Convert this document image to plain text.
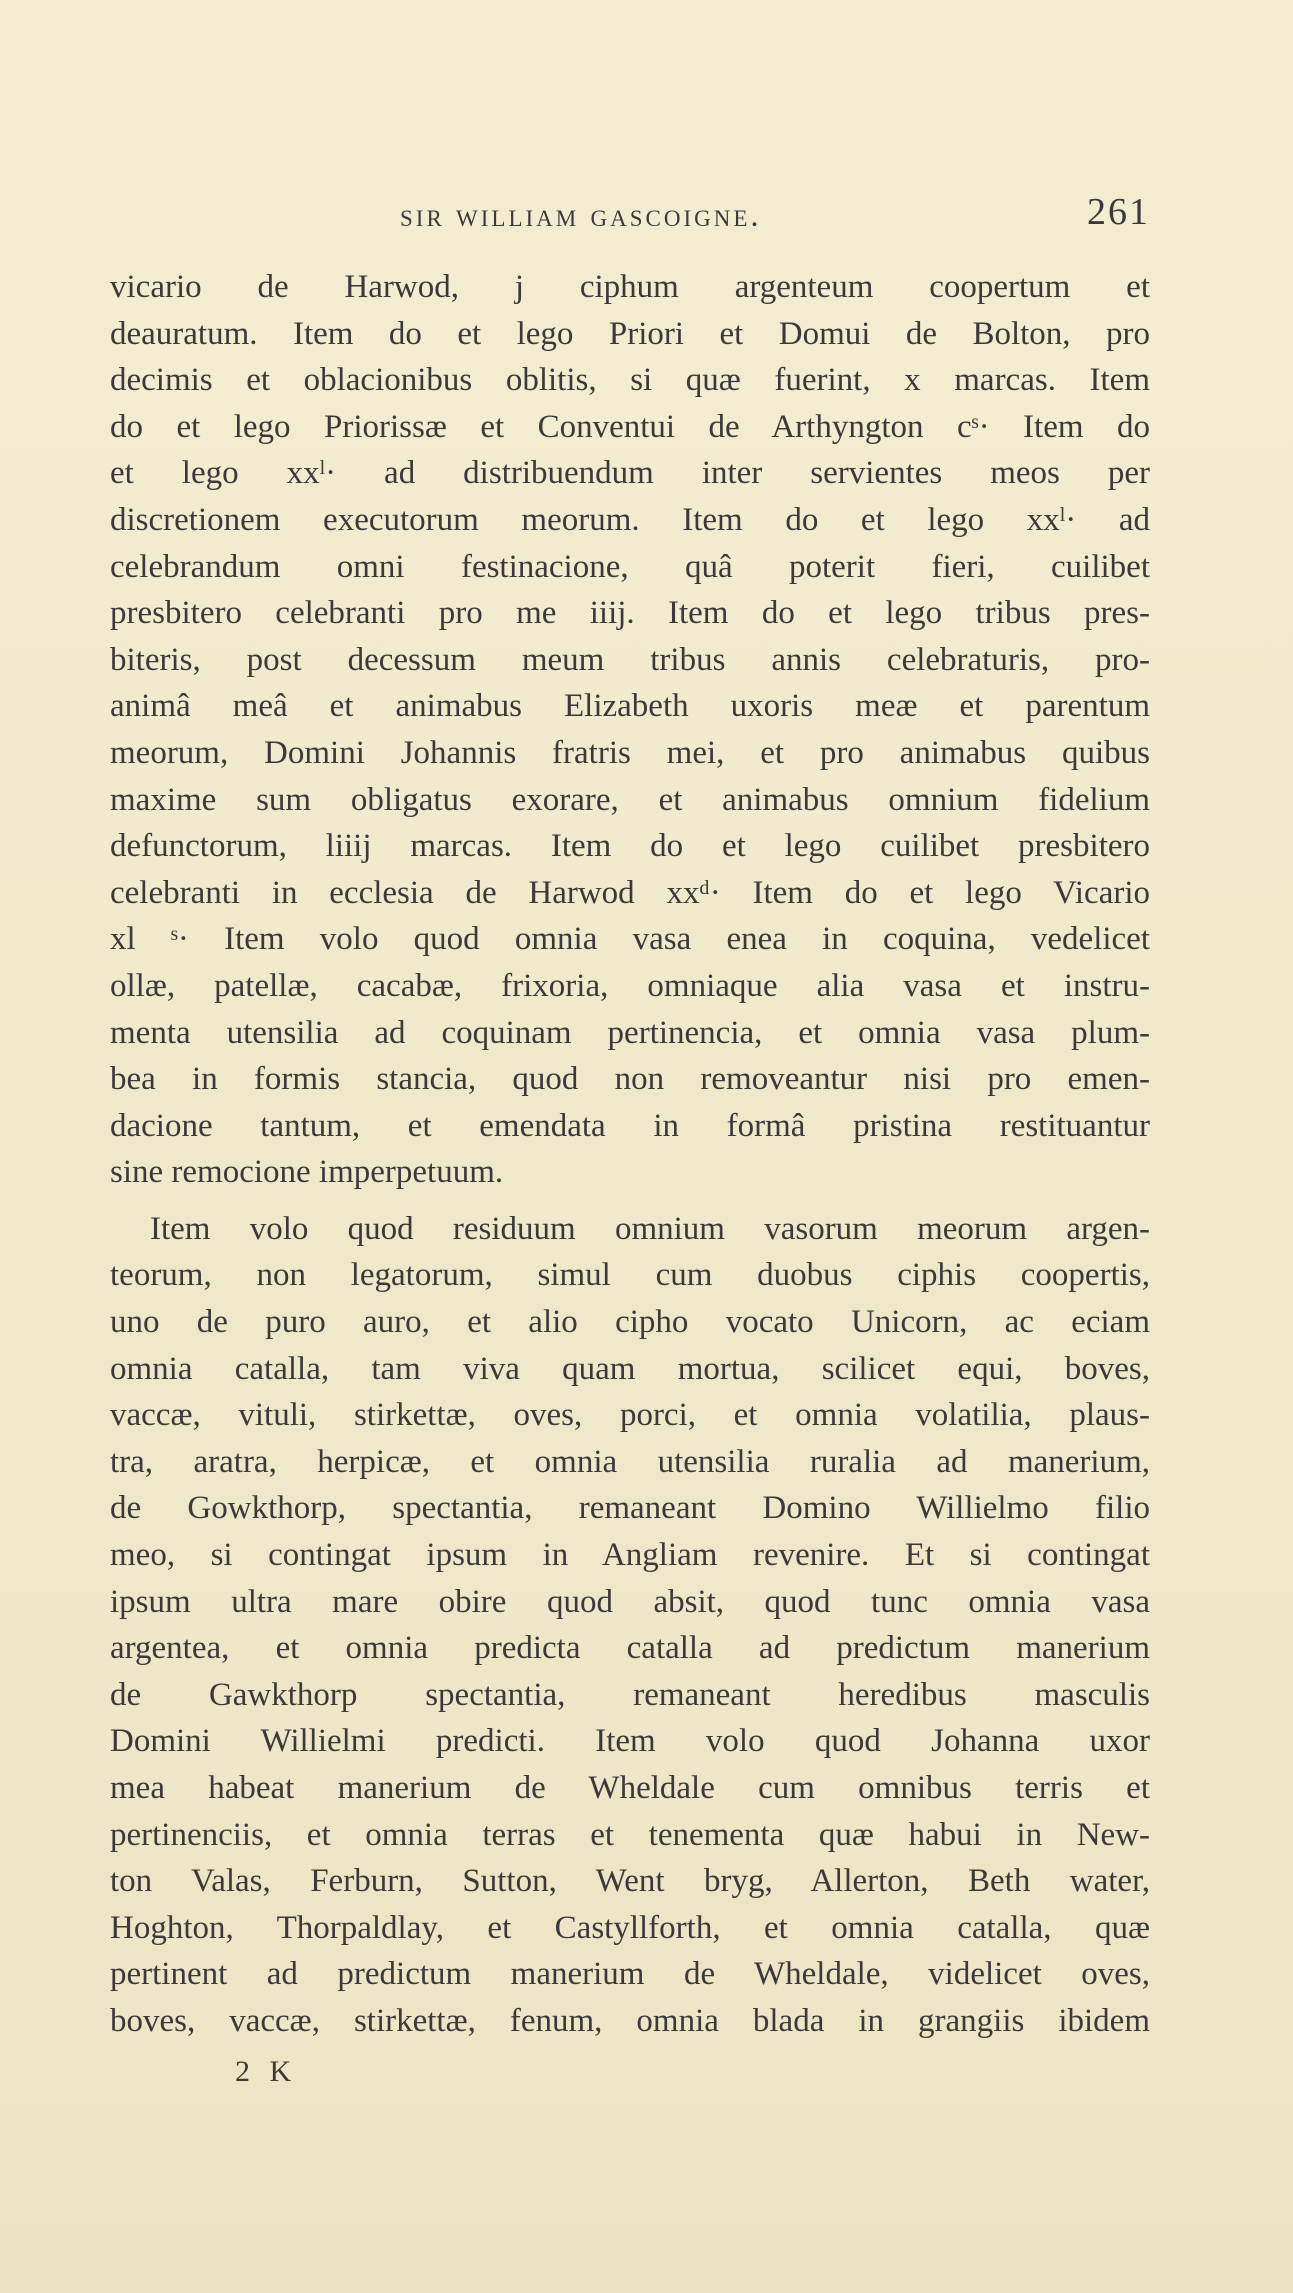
sir william gascoigne.	261

vicario de Harwod, j ciphum argenteum coopertum et
deauratum. Item do et lego Priori et Domui de Bolton, pro
decimis et oblacionibus oblitis, si quæ fuerint, x marcas. Item
do et lego Priorissæ et Conventui de Arthyngton cˢ· Item do
et lego xxˡ· ad distribuendum inter servientes meos per
discretionem executorum meorum. Item do et lego xxˡ· ad
celebrandum omni festinacione, quâ poterit fieri, cuilibet
presbitero celebranti pro me iiij. Item do et lego tribus pres-
biteris, post decessum meum tribus annis celebraturis, pro-
animâ meâ et animabus Elizabeth uxoris meæ et parentum
meorum, Domini Johannis fratris mei, et pro animabus quibus
maxime sum obligatus exorare, et animabus omnium fidelium
defunctorum, liiij marcas. Item do et lego cuilibet presbitero
celebranti in ecclesia de Harwod xxᵈ· Item do et lego Vicario
xl ˢ· Item volo quod omnia vasa enea in coquina, vedelicet
ollæ, patellæ, cacabæ, frixoria, omniaque alia vasa et instru-
menta utensilia ad coquinam pertinencia, et omnia vasa plum-
bea in formis stancia, quod non removeantur nisi pro emen-
dacione tantum, et emendata in formâ pristina restituantur
sine remocione imperpetuum.

Item volo quod residuum omnium vasorum meorum argen-
teorum, non legatorum, simul cum duobus ciphis coopertis,
uno de puro auro, et alio cipho vocato Unicorn, ac eciam
omnia catalla, tam viva quam mortua, scilicet equi, boves,
vaccæ, vituli, stirkettæ, oves, porci, et omnia volatilia, plaus-
tra, aratra, herpicæ, et omnia utensilia ruralia ad manerium,
de Gowkthorp, spectantia, remaneant Domino Willielmo filio
meo, si contingat ipsum in Angliam revenire. Et si contingat
ipsum ultra mare obire quod absit, quod tunc omnia vasa
argentea, et omnia predicta catalla ad predictum manerium
de Gawkthorp spectantia, remaneant heredibus masculis
Domini Willielmi predicti. Item volo quod Johanna uxor
mea habeat manerium de Wheldale cum omnibus terris et
pertinenciis, et omnia terras et tenementa quæ habui in New-
ton Valas, Ferburn, Sutton, Went bryg, Allerton, Beth water,
Hoghton, Thorpaldlay, et Castyllforth, et omnia catalla, quæ
pertinent ad predictum manerium de Wheldale, videlicet oves,
boves, vaccæ, stirkettæ, fenum, omnia blada in grangiis ibidem

2 K
